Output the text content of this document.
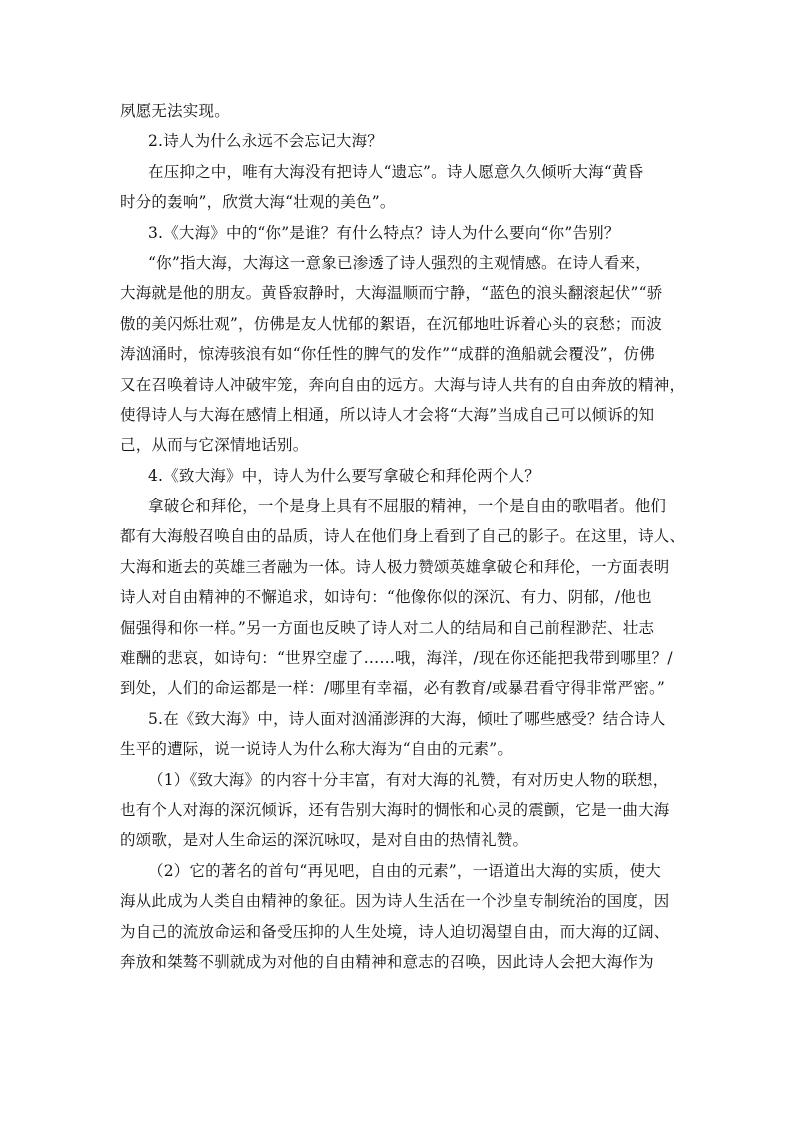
夙愿无法实现。
2.诗人为什么永远不会忘记大海？
在压抑之中，唯有大海没有把诗人“遗忘”。诗人愿意久久倾听大海“黄昏
时分的轰响”，欣赏大海“壮观的美色”。
3.《大海》中的“你”是谁？有什么特点？诗人为什么要向“你”告别？
“你”指大海，大海这一意象已渗透了诗人强烈的主观情感。在诗人看来，
大海就是他的朋友。黄昏寂静时，大海温顺而宁静，“蓝色的浪头翻滚起伏”“骄
傲的美闪烁壮观”，仿佛是友人忧郁的絮语，在沉郁地吐诉着心头的哀愁；而波
涛汹涌时，惊涛骇浪有如“你任性的脾气的发作”“成群的渔船就会覆没”，仿佛
又在召唤着诗人冲破牢笼，奔向自由的远方。大海与诗人共有的自由奔放的精神，
使得诗人与大海在感情上相通，所以诗人才会将“大海”当成自己可以倾诉的知
己，从而与它深情地话别。
4.《致大海》中，诗人为什么要写拿破仑和拜伦两个人？
拿破仑和拜伦，一个是身上具有不屈服的精神，一个是自由的歌唱者。他们
都有大海般召唤自由的品质，诗人在他们身上看到了自己的影子。在这里，诗人、
大海和逝去的英雄三者融为一体。诗人极力赞颂英雄拿破仑和拜伦，一方面表明
诗人对自由精神的不懈追求，如诗句：“他像你似的深沉、有力、阴郁，/他也
倔强得和你一样。”另一方面也反映了诗人对二人的结局和自己前程渺茫、壮志
难酬的悲哀，如诗句：“世界空虚了……哦，海洋，/现在你还能把我带到哪里？/
到处，人们的命运都是一样：/哪里有幸福，必有教育/或暴君看守得非常严密。”
5.在《致大海》中，诗人面对汹涌澎湃的大海，倾吐了哪些感受？结合诗人
生平的遭际，说一说诗人为什么称大海为“自由的元素”。
（1）《致大海》的内容十分丰富，有对大海的礼赞，有对历史人物的联想，
也有个人对海的深沉倾诉，还有告别大海时的惆怅和心灵的震颤，它是一曲大海
的颂歌，是对人生命运的深沉咏叹，是对自由的热情礼赞。
（2）它的著名的首句“再见吧，自由的元素”，一语道出大海的实质，使大
海从此成为人类自由精神的象征。因为诗人生活在一个沙皇专制统治的国度，因
为自己的流放命运和备受压抑的人生处境，诗人迫切渴望自由，而大海的辽阔、
奔放和桀骜不驯就成为对他的自由精神和意志的召唤，因此诗人会把大海作为
